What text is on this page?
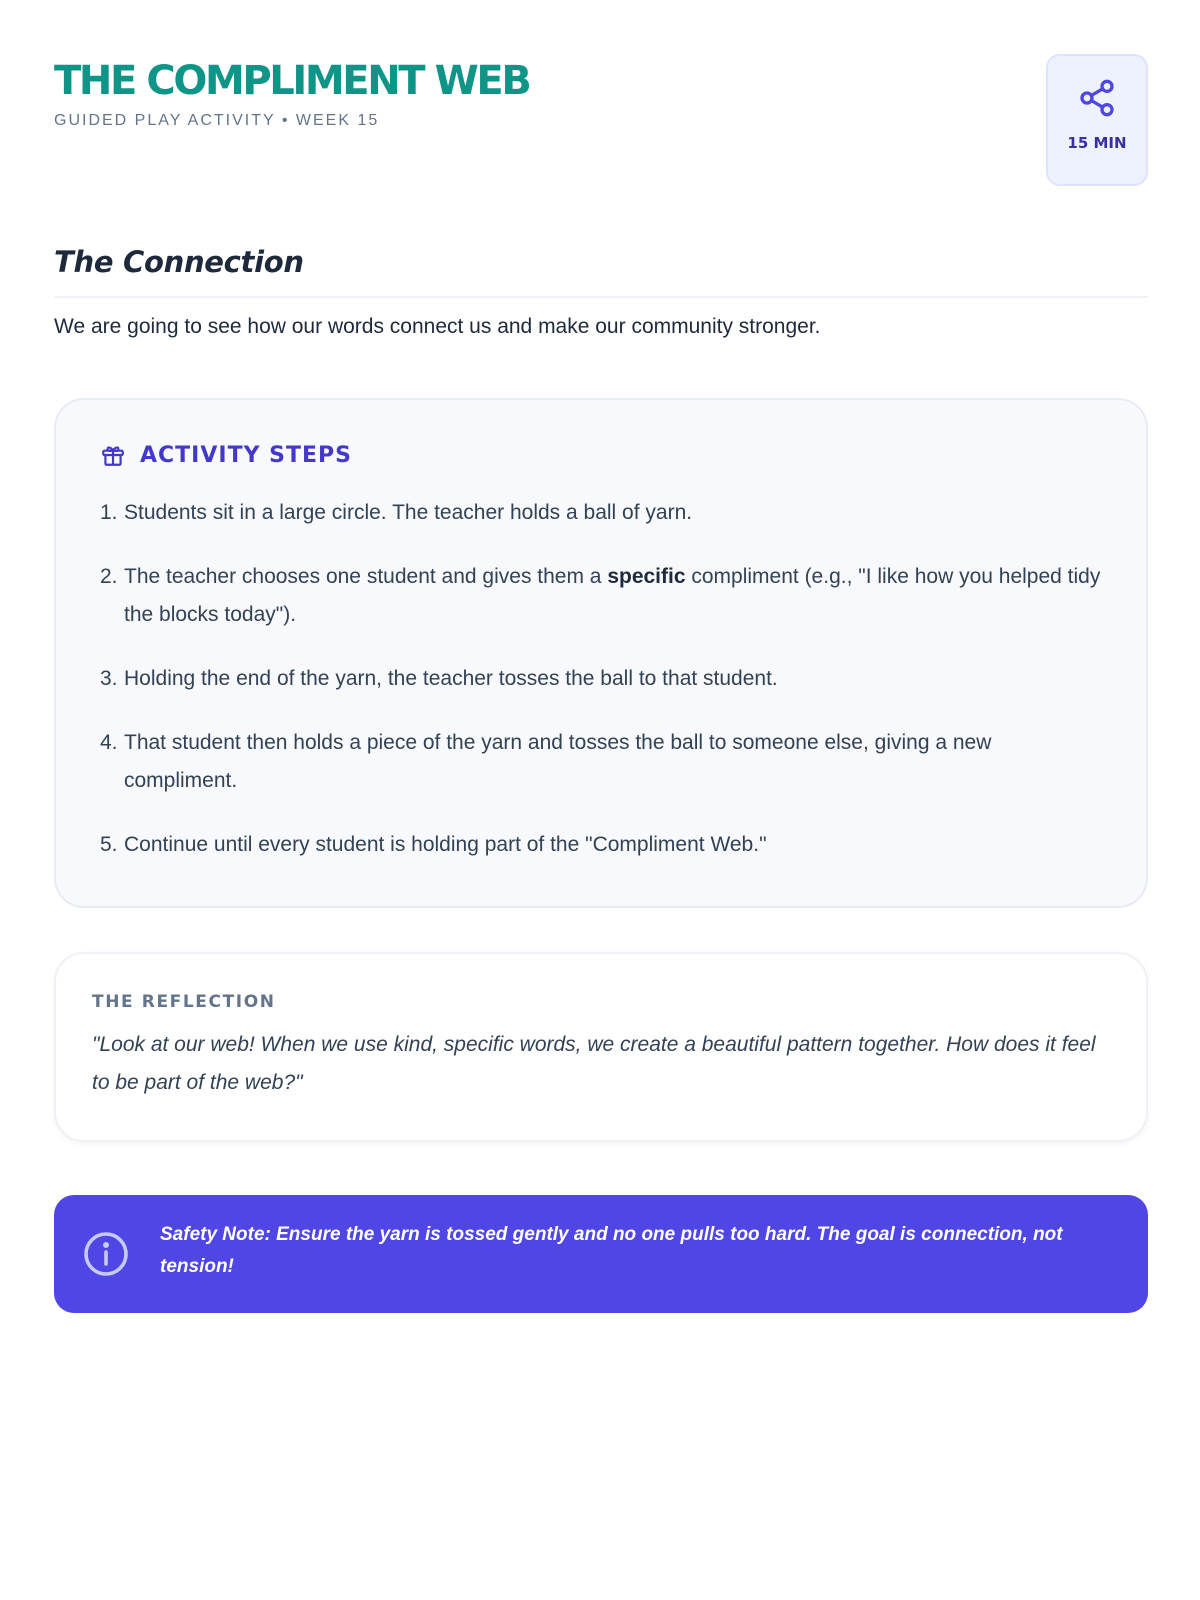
THE COMPLIMENT WEB
GUIDED PLAY ACTIVITY • WEEK 15
15 MIN
The Connection
We are going to see how our words connect us and make our community stronger.
ACTIVITY STEPS
1. Students sit in a large circle. The teacher holds a ball of yarn.
2. The teacher chooses one student and gives them a specific compliment (e.g., "I like how you helped tidy the blocks today").
3. Holding the end of the yarn, the teacher tosses the ball to that student.
4. That student then holds a piece of the yarn and tosses the ball to someone else, giving a new compliment.
5. Continue until every student is holding part of the "Compliment Web."
THE REFLECTION
"Look at our web! When we use kind, specific words, we create a beautiful pattern together. How does it feel to be part of the web?"
Safety Note: Ensure the yarn is tossed gently and no one pulls too hard. The goal is connection, not tension!
